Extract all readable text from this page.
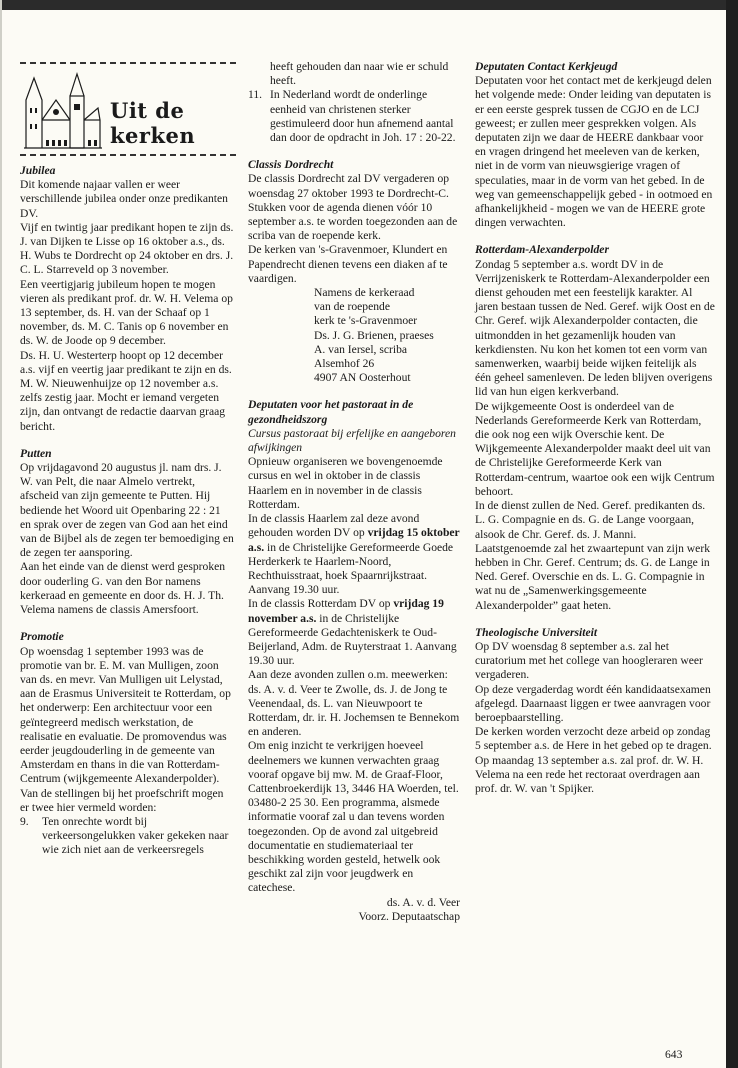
Uit de kerken

Jubilea

Dit komende najaar vallen er weer verschillende jubilea onder onze predikanten DV.

Vijf en twintig jaar predikant hopen te zijn ds. J. van Dijken te Lisse op 16 oktober a.s., ds. H. Wubs te Dordrecht op 24 oktober en drs. J. C. L. Starreveld op 3 november.

Een veertigjarig jubileum hopen te mogen vieren als predikant prof. dr. W. H. Velema op 13 september, ds. H. van der Schaaf op 1 november, ds. M. C. Tanis op 6 november en ds. W. de Joode op 9 december.

Ds. H. U. Westerterp hoopt op 12 december a.s. vijf en veertig jaar predikant te zijn en ds. M. W. Nieuwenhuijze op 12 november a.s. zelfs zestig jaar. Mocht er iemand vergeten zijn, dan ontvangt de redactie daarvan graag bericht.

Putten

Op vrijdagavond 20 augustus jl. nam drs. J. W. van Pelt, die naar Almelo vertrekt, afscheid van zijn gemeente te Putten. Hij bediende het Woord uit Openbaring 22 : 21 en sprak over de zegen van God aan het eind van de Bijbel als de zegen ter bemoediging en de zegen ter aansporing.

Aan het einde van de dienst werd gesproken door ouderling G. van den Bor namens kerkeraad en gemeente en door ds. H. J. Th. Velema namens de classis Amersfoort.

Promotie

Op woensdag 1 september 1993 was de promotie van br. E. M. van Mulligen, zoon van ds. en mevr. Van Mulligen uit Lelystad, aan de Erasmus Universiteit te Rotterdam, op het onderwerp: Een architectuur voor een geïntegreerd medisch werkstation, de realisatie en evaluatie. De promovendus was eerder jeugdouderling in de gemeente van Amsterdam en thans in die van Rotterdam-Centrum (wijkgemeente Alexanderpolder).

Van de stellingen bij het proefschrift mogen er twee hier vermeld worden:

9. Ten onrechte wordt bij verkeersongelukken vaker gekeken naar wie zich niet aan de verkeersregels
heeft gehouden dan naar wie er schuld heeft.
11. In Nederland wordt de onderlinge eenheid van christenen sterker gestimuleerd door hun afnemend aantal dan door de opdracht in Joh. 17 : 20-22.

Classis Dordrecht

De classis Dordrecht zal DV vergaderen op woensdag 27 oktober 1993 te Dordrecht-C. Stukken voor de agenda dienen vóór 10 september a.s. te worden toegezonden aan de scriba van de roepende kerk.

De kerken van 's-Gravenmoer, Klundert en Papendrecht dienen tevens een diaken af te vaardigen.

Namens de kerkeraad

van de roepende

kerk te 's-Gravenmoer

Ds. J. G. Brienen, praeses

A. van Iersel, scriba

Alsemhof 26

4907 AN Oosterhout

Deputaten voor het pastoraat in de gezondheidszorg

Cursus pastoraat bij erfelijke en aangeboren afwijkingen

Opnieuw organiseren we bovengenoemde cursus en wel in oktober in de classis Haarlem en in november in de classis Rotterdam.

In de classis Haarlem zal deze avond gehouden worden DV op vrijdag 15 oktober a.s. in de Christelijke Gereformeerde Goede Herderkerk te Haarlem-Noord, Rechthuisstraat, hoek Spaarnrijkstraat. Aanvang 19.30 uur.

In de classis Rotterdam DV op vrijdag 19 november a.s. in de Christelijke Gereformeerde Gedachteniskerk te Oud-Beijerland, Adm. de Ruyterstraat 1. Aanvang 19.30 uur.

Aan deze avonden zullen o.m. meewerken: ds. A. v. d. Veer te Zwolle, ds. J. de Jong te Veenendaal, ds. L. van Nieuwpoort te Rotterdam, dr. ir. H. Jochemsen te Bennekom en anderen.

Om enig inzicht te verkrijgen hoeveel deelnemers we kunnen verwachten graag vooraf opgave bij mw. M. de Graaf-Floor, Cattenbroekerdijk 13, 3446 HA Woerden, tel. 03480-2 25 30. Een programma, alsmede informatie vooraf zal u dan tevens worden toegezonden. Op de avond zal uitgebreid documentatie en studiemateriaal ter beschikking worden gesteld, hetwelk ook geschikt zal zijn voor jeugdwerk en catechese.

ds. A. v. d. Veer

Voorz. Deputaatschap

Deputaten Contact Kerkjeugd

Deputaten voor het contact met de kerkjeugd delen het volgende mede: Onder leiding van deputaten is er een eerste gesprek tussen de CGJO en de LCJ geweest; er zullen meer gesprekken volgen. Als deputaten zijn we daar de HEERE dankbaar voor en vragen dringend het meeleven van de kerken, niet in de vorm van nieuwsgierige vragen of speculaties, maar in de vorm van het gebed. In de weg van gemeenschappelijk gebed - in ootmoed en afhankelijkheid - mogen we van de HEERE grote dingen verwachten.

Rotterdam-Alexanderpolder

Zondag 5 september a.s. wordt DV in de Verrijzeniskerk te Rotterdam-Alexanderpolder een dienst gehouden met een feestelijk karakter. Al jaren bestaan tussen de Ned. Geref. wijk Oost en de Chr. Geref. wijk Alexanderpolder contacten, die uitmondden in het gezamenlijk houden van kerkdiensten. Nu kon het komen tot een vorm van samenwerken, waarbij beide wijken feitelijk als één geheel samenleven. De leden blijven overigens lid van hun eigen kerkverband.

De wijkgemeente Oost is onderdeel van de Nederlands Gereformeerde Kerk van Rotterdam, die ook nog een wijk Overschie kent. De Wijkgemeente Alexanderpolder maakt deel uit van de Christelijke Gereformeerde Kerk van Rotterdam-centrum, waartoe ook een wijk Centrum behoort.

In de dienst zullen de Ned. Geref. predikanten ds. L. G. Compagnie en ds. G. de Lange voorgaan, alsook de Chr. Geref. ds. J. Manni.

Laatstgenoemde zal het zwaartepunt van zijn werk hebben in Chr. Geref. Centrum; ds. G. de Lange in Ned. Geref. Overschie en ds. L. G. Compagnie in wat nu de „Samenwerkingsgemeente Alexanderpolder” gaat heten.

Theologische Universiteit

Op DV woensdag 8 september a.s. zal het curatorium met het college van hoogleraren weer vergaderen.

Op deze vergaderdag wordt één kandidaatsexamen afgelegd. Daarnaast liggen er twee aanvragen voor beroepbaarstelling.

De kerken worden verzocht deze arbeid op zondag 5 september a.s. de Here in het gebed op te dragen.

Op maandag 13 september a.s. zal prof. dr. W. H. Velema na een rede het rectoraat overdragen aan prof. dr. W. van 't Spijker.

643
